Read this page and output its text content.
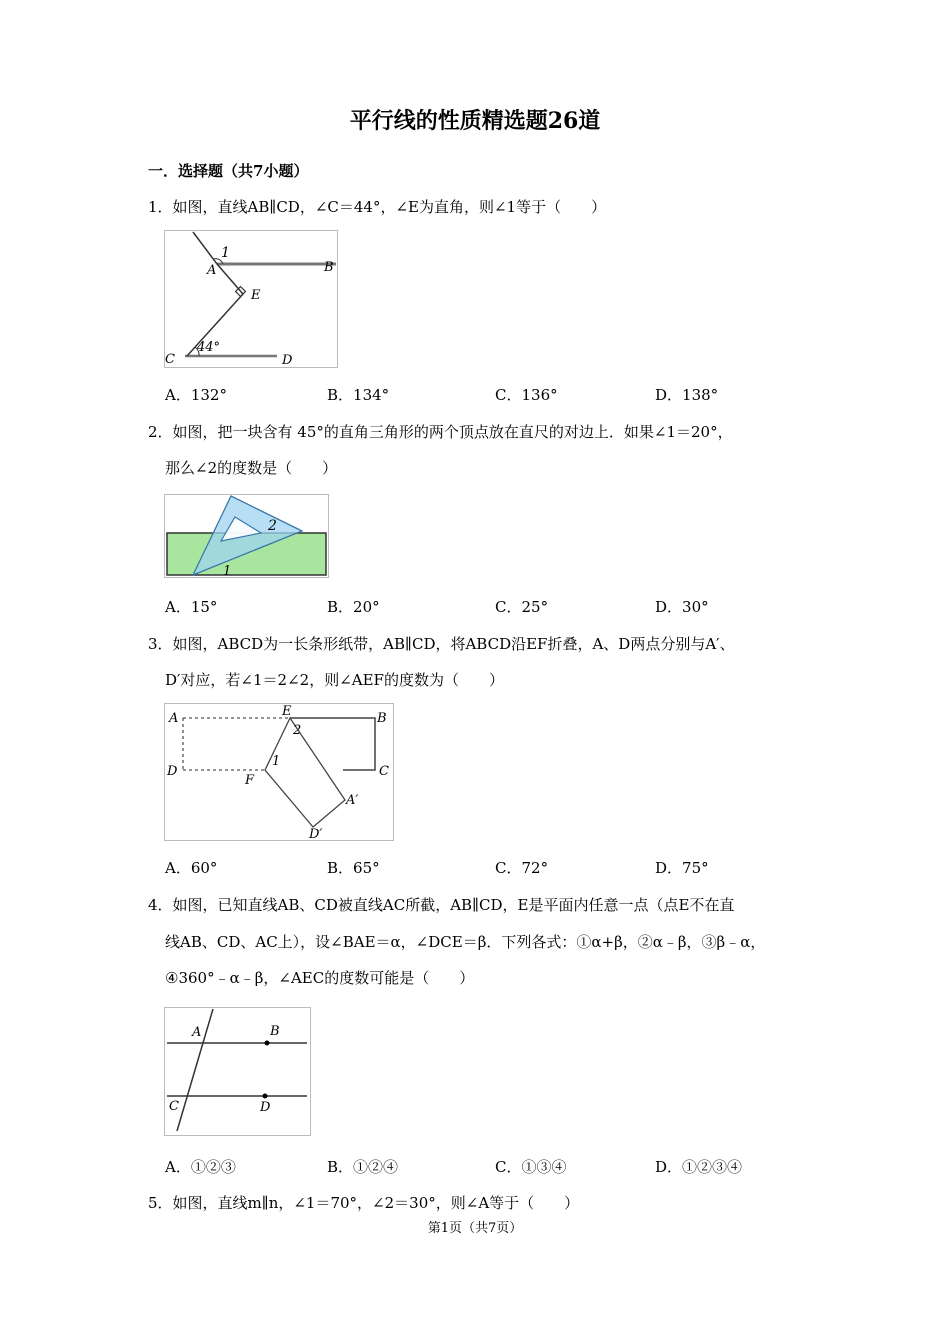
平行线的性质精选题26道
一．选择题（共7小题）
1．如图，直线AB∥CD，∠C＝44°，∠E为直角，则∠1等于（　　）
1
A	B
E
C	D
44°
A．132°	B．134°	C．136°	D．138°
2．如图，把一块含有 45°的直角三角形的两个顶点放在直尺的对边上．如果∠1＝20°，
那么∠2的度数是（　　）
2
1
A．15°	B．20°	C．25°	D．30°
3．如图，ABCD为一长条形纸带，AB∥CD，将ABCD沿EF折叠，A、D两点分别与A′、
D′对应，若∠1＝2∠2，则∠AEF的度数为（　　）
A	E	B
2
1
D
F
C
A′
D′
A．60°	B．65°	C．72°	D．75°
4．如图，已知直线AB、CD被直线AC所截，AB∥CD，E是平面内任意一点（点E不在直
线AB、CD、AC上），设∠BAE＝α，∠DCE＝β．下列各式：①α+β，②α﹣β，③β﹣α，
④360°﹣α﹣β，∠AEC的度数可能是（　　）
A	B
C	D
A．①②③	B．①②④	C．①③④	D．①②③④
5．如图，直线m∥n，∠1＝70°，∠2＝30°，则∠A等于（　　）
第1页（共7页）
